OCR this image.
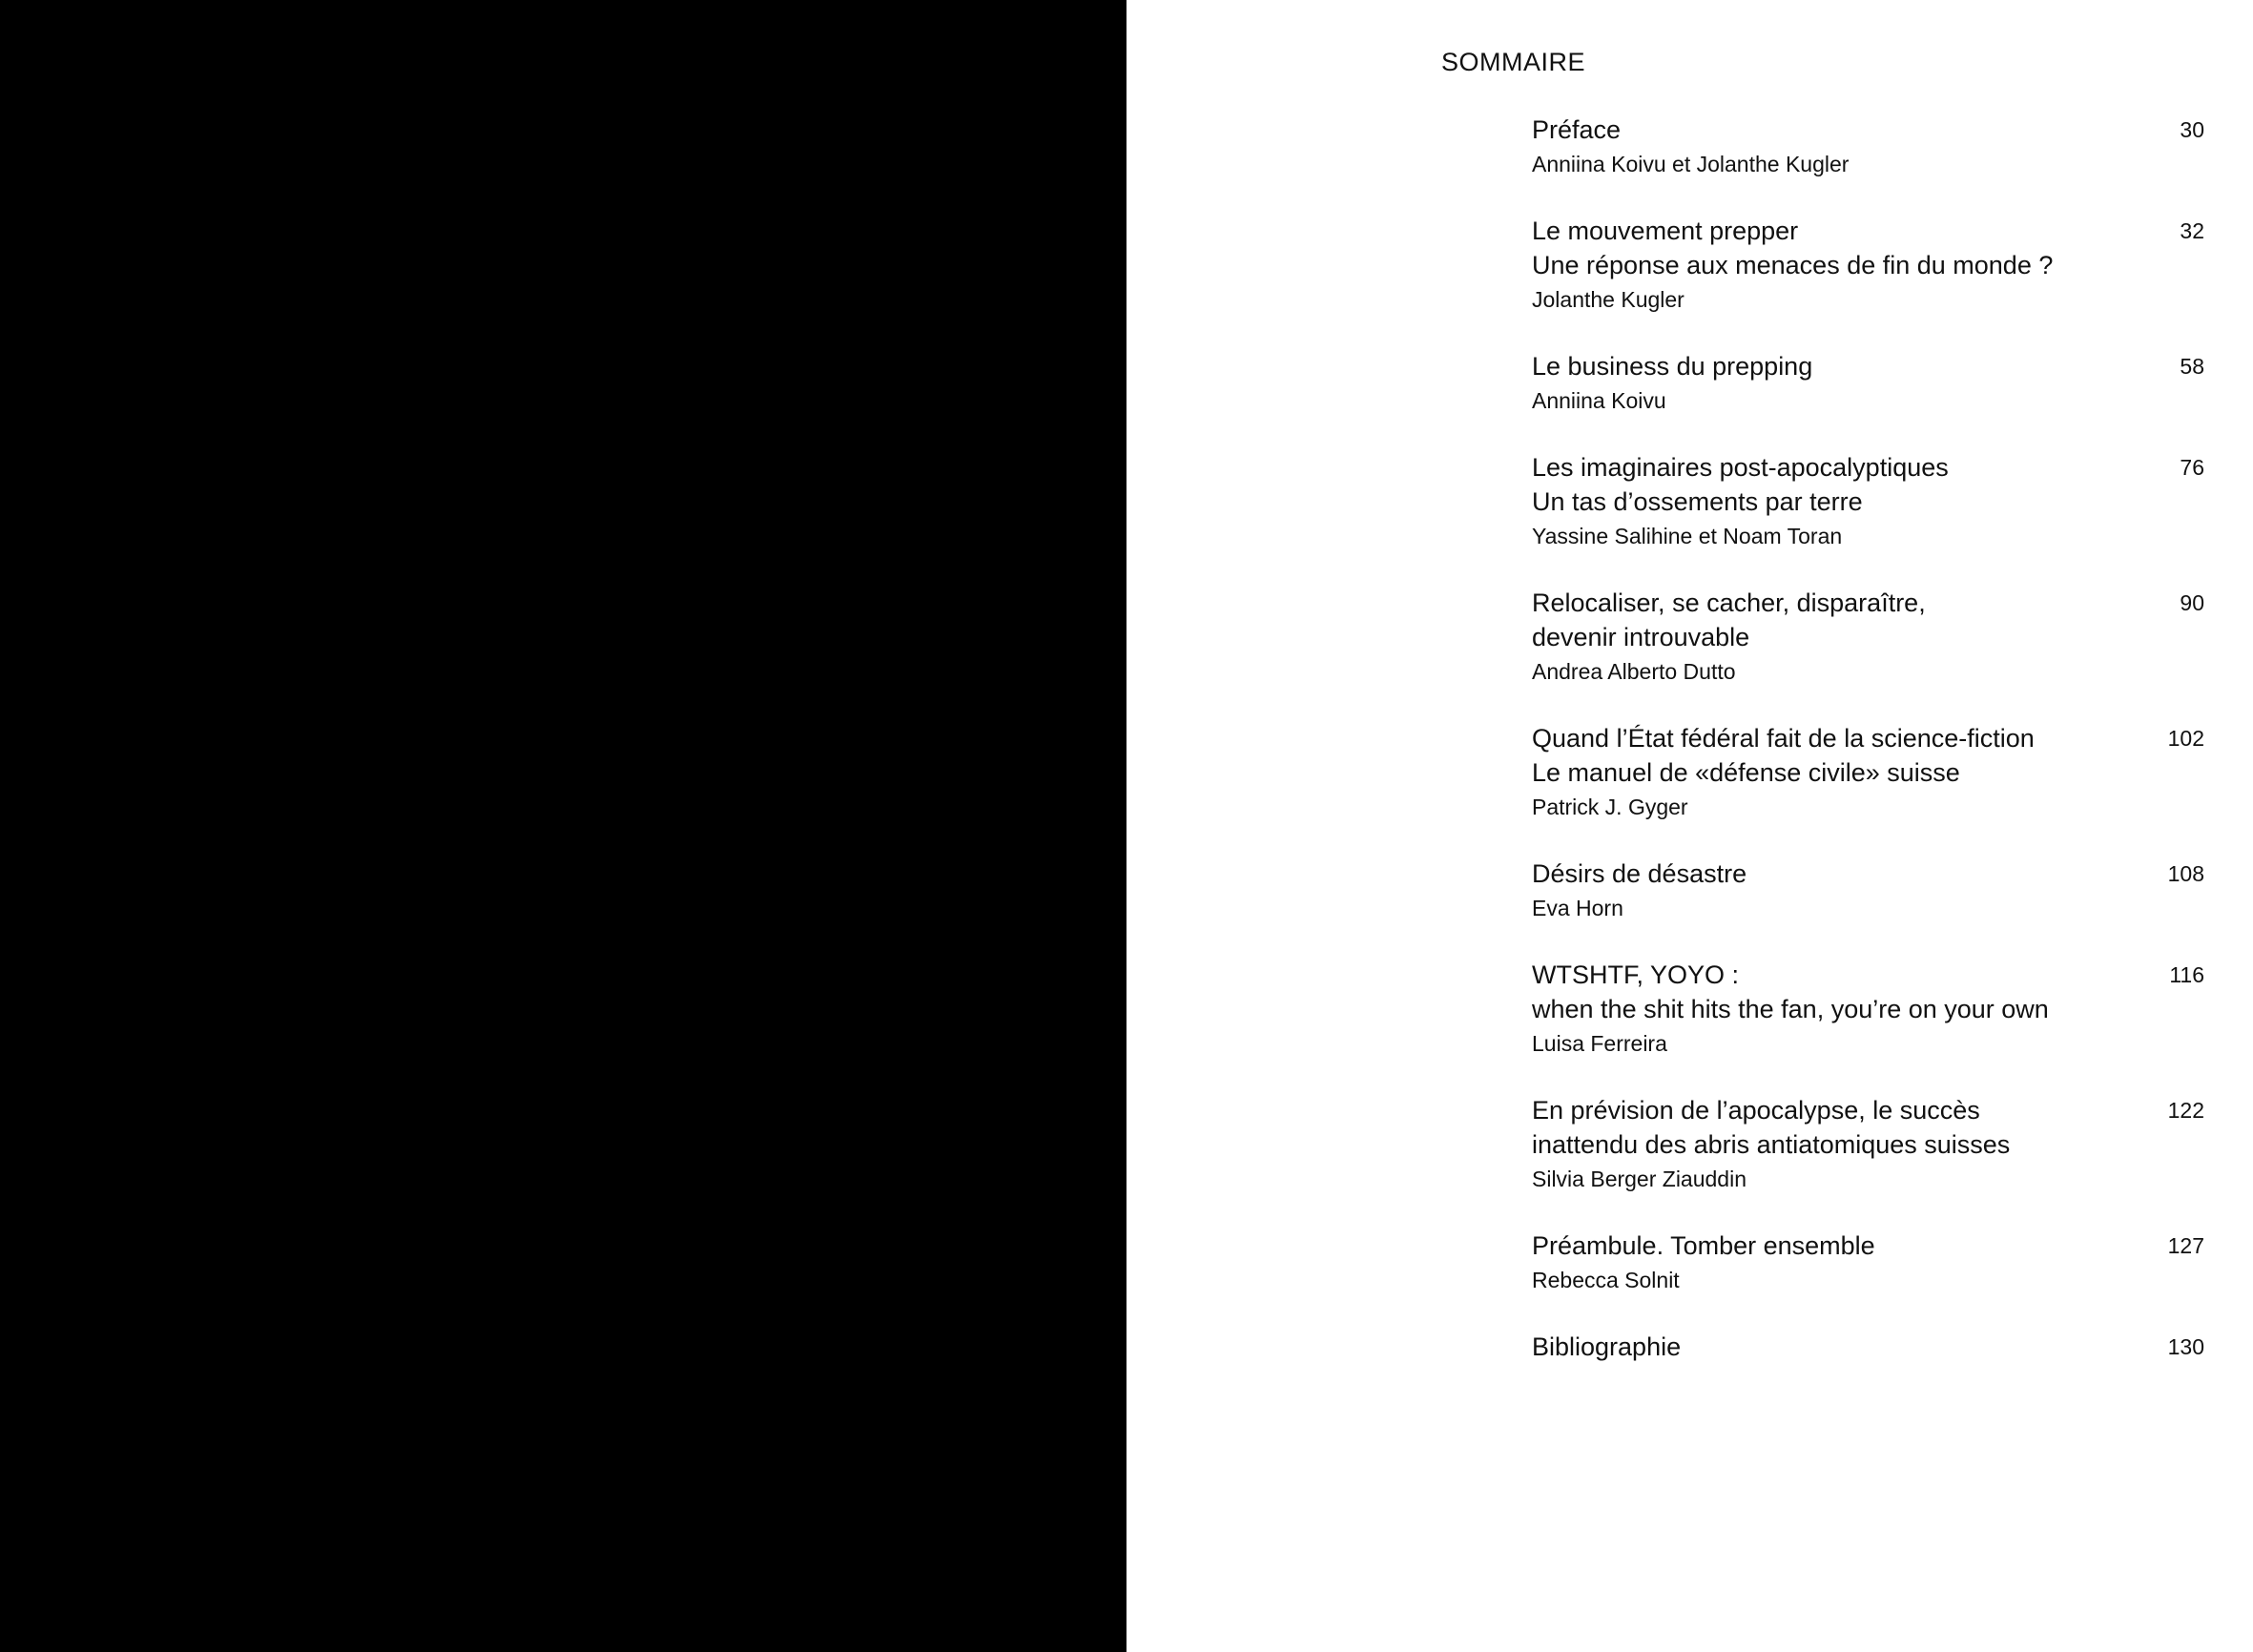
SOMMAIRE
Préface
Anniina Koivu et Jolanthe Kugler
30
Le mouvement prepper
Une réponse aux menaces de fin du monde ?
Jolanthe Kugler
32
Le business du prepping
Anniina Koivu
58
Les imaginaires post-apocalyptiques
Un tas d’ossements par terre
Yassine Salihine et Noam Toran
76
Relocaliser, se cacher, disparaître,
devenir introuvable
Andrea Alberto Dutto
90
Quand l’État fédéral fait de la science-fiction
Le manuel de «défense civile» suisse
Patrick J. Gyger
102
Désirs de désastre
Eva Horn
108
WTSHTF, YOYO :
when the shit hits the fan, you’re on your own
Luisa Ferreira
116
En prévision de l’apocalypse, le succès
inattendu des abris antiatomiques suisses
Silvia Berger Ziauddin
122
Préambule. Tomber ensemble
Rebecca Solnit
127
Bibliographie	130
